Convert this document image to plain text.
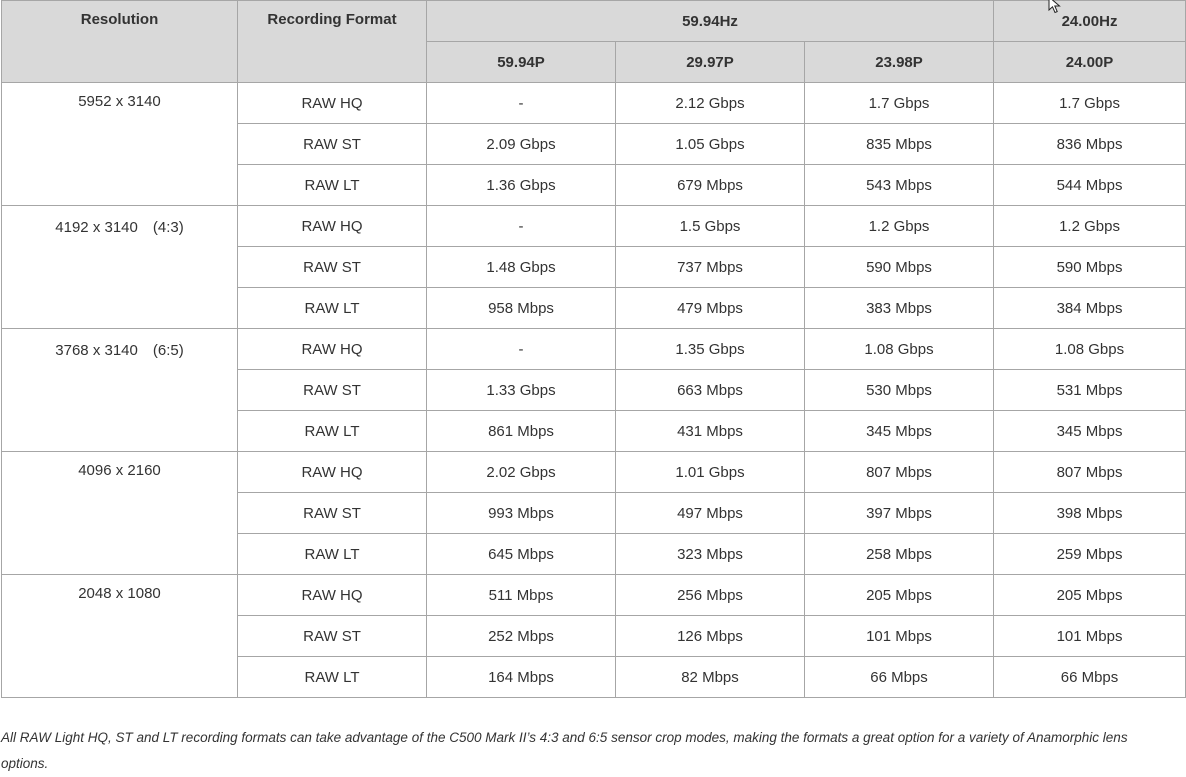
Resolution	Recording Format	59.94Hz			24.00Hz
		59.94P	29.97P	23.98P	24.00P
5952 x 3140	RAW HQ	-	2.12 Gbps	1.7 Gbps	1.7 Gbps
	RAW ST	2.09 Gbps	1.05 Gbps	835 Mbps	836 Mbps
	RAW LT	1.36 Gbps	679 Mbps	543 Mbps	544 Mbps
4192 x 3140　(4:3)	RAW HQ	-	1.5 Gbps	1.2 Gbps	1.2 Gbps
	RAW ST	1.48 Gbps	737 Mbps	590 Mbps	590 Mbps
	RAW LT	958 Mbps	479 Mbps	383 Mbps	384 Mbps
3768 x 3140　(6:5)	RAW HQ	-	1.35 Gbps	1.08 Gbps	1.08 Gbps
	RAW ST	1.33 Gbps	663 Mbps	530 Mbps	531 Mbps
	RAW LT	861 Mbps	431 Mbps	345 Mbps	345 Mbps
4096 x 2160	RAW HQ	2.02 Gbps	1.01 Gbps	807 Mbps	807 Mbps
	RAW ST	993 Mbps	497 Mbps	397 Mbps	398 Mbps
	RAW LT	645 Mbps	323 Mbps	258 Mbps	259 Mbps
2048 x 1080	RAW HQ	511 Mbps	256 Mbps	205 Mbps	205 Mbps
	RAW ST	252 Mbps	126 Mbps	101 Mbps	101 Mbps
	RAW LT	164 Mbps	82 Mbps	66 Mbps	66 Mbps
All RAW Light HQ, ST and LT recording formats can take advantage of the C500 Mark II’s 4:3 and 6:5 sensor crop modes, making the formats a great option for a variety of Anamorphic lens options.
